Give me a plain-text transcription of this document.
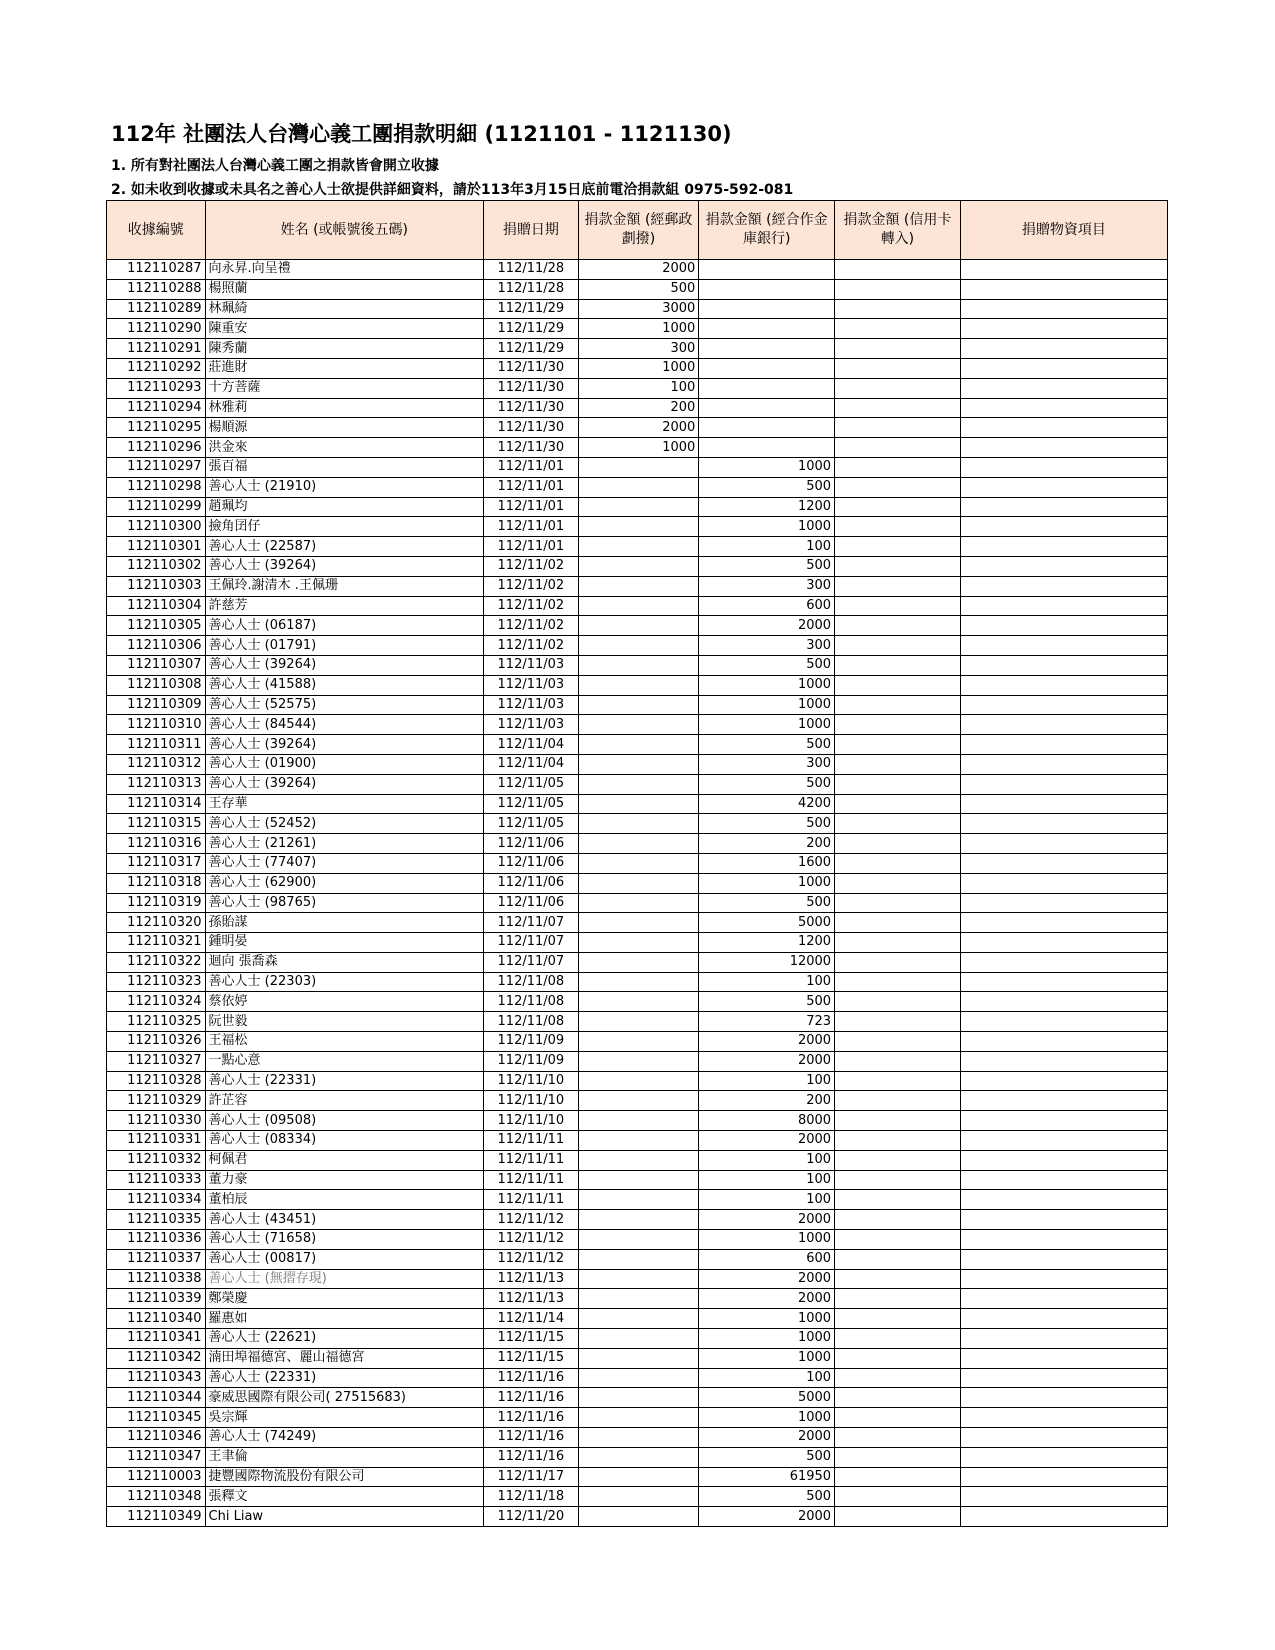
112年 社團法人台灣心義工團捐款明細 (1121101 - 1121130)
1. 所有對社團法人台灣心義工團之捐款皆會開立收據
2. 如未收到收據或未具名之善心人士欲提供詳細資料，請於113年3月15日底前電洽捐款組 0975-592-081
收據編號	姓名 (或帳號後五碼)	捐贈日期	捐款金額 (經郵政劃撥)	捐款金額 (經合作金庫銀行)	捐款金額 (信用卡轉入)	捐贈物資項目
112110287	向永昇.向呈禮	112/11/28	2000			
112110288	楊照蘭	112/11/28	500			
112110289	林珮綺	112/11/29	3000			
112110290	陳重安	112/11/29	1000			
112110291	陳秀蘭	112/11/29	300			
112110292	莊進財	112/11/30	1000			
112110293	十方菩薩	112/11/30	100			
112110294	林雅莉	112/11/30	200			
112110295	楊順源	112/11/30	2000			
112110296	洪金來	112/11/30	1000			
112110297	張百福	112/11/01		1000		
112110298	善心人士 (21910)	112/11/01		500		
112110299	趙珮均	112/11/01		1200		
112110300	撿角囝仔	112/11/01		1000		
112110301	善心人士 (22587)	112/11/01		100		
112110302	善心人士 (39264)	112/11/02		500		
112110303	王佩玲.謝清木 .王佩珊	112/11/02		300		
112110304	許慈芳	112/11/02		600		
112110305	善心人士 (06187)	112/11/02		2000		
112110306	善心人士 (01791)	112/11/02		300		
112110307	善心人士 (39264)	112/11/03		500		
112110308	善心人士 (41588)	112/11/03		1000		
112110309	善心人士 (52575)	112/11/03		1000		
112110310	善心人士 (84544)	112/11/03		1000		
112110311	善心人士 (39264)	112/11/04		500		
112110312	善心人士 (01900)	112/11/04		300		
112110313	善心人士 (39264)	112/11/05		500		
112110314	王存華	112/11/05		4200		
112110315	善心人士 (52452)	112/11/05		500		
112110316	善心人士 (21261)	112/11/06		200		
112110317	善心人士 (77407)	112/11/06		1600		
112110318	善心人士 (62900)	112/11/06		1000		
112110319	善心人士 (98765)	112/11/06		500		
112110320	孫貽謀	112/11/07		5000		
112110321	鍾明晏	112/11/07		1200		
112110322	迴向 張喬森	112/11/07		12000		
112110323	善心人士 (22303)	112/11/08		100		
112110324	蔡依婷	112/11/08		500		
112110325	阮世毅	112/11/08		723		
112110326	王福松	112/11/09		2000		
112110327	一點心意	112/11/09		2000		
112110328	善心人士 (22331)	112/11/10		100		
112110329	許芷容	112/11/10		200		
112110330	善心人士 (09508)	112/11/10		8000		
112110331	善心人士 (08334)	112/11/11		2000		
112110332	柯佩君	112/11/11		100		
112110333	董力豪	112/11/11		100		
112110334	董柏辰	112/11/11		100		
112110335	善心人士 (43451)	112/11/12		2000		
112110336	善心人士 (71658)	112/11/12		1000		
112110337	善心人士 (00817)	112/11/12		600		
112110338	善心人士 (無摺存現)	112/11/13		2000		
112110339	鄭榮慶	112/11/13		2000		
112110340	羅惠如	112/11/14		1000		
112110341	善心人士 (22621)	112/11/15		1000		
112110342	湳田埠福德宮、麗山福德宮	112/11/15		1000		
112110343	善心人士 (22331)	112/11/16		100		
112110344	豪威思國際有限公司( 27515683)	112/11/16		5000		
112110345	吳宗輝	112/11/16		1000		
112110346	善心人士 (74249)	112/11/16		2000		
112110347	王聿倫	112/11/16		500		
112110003	捷豐國際物流股份有限公司	112/11/17		61950		
112110348	張釋文	112/11/18		500		
112110349	Chi Liaw	112/11/20		2000		
